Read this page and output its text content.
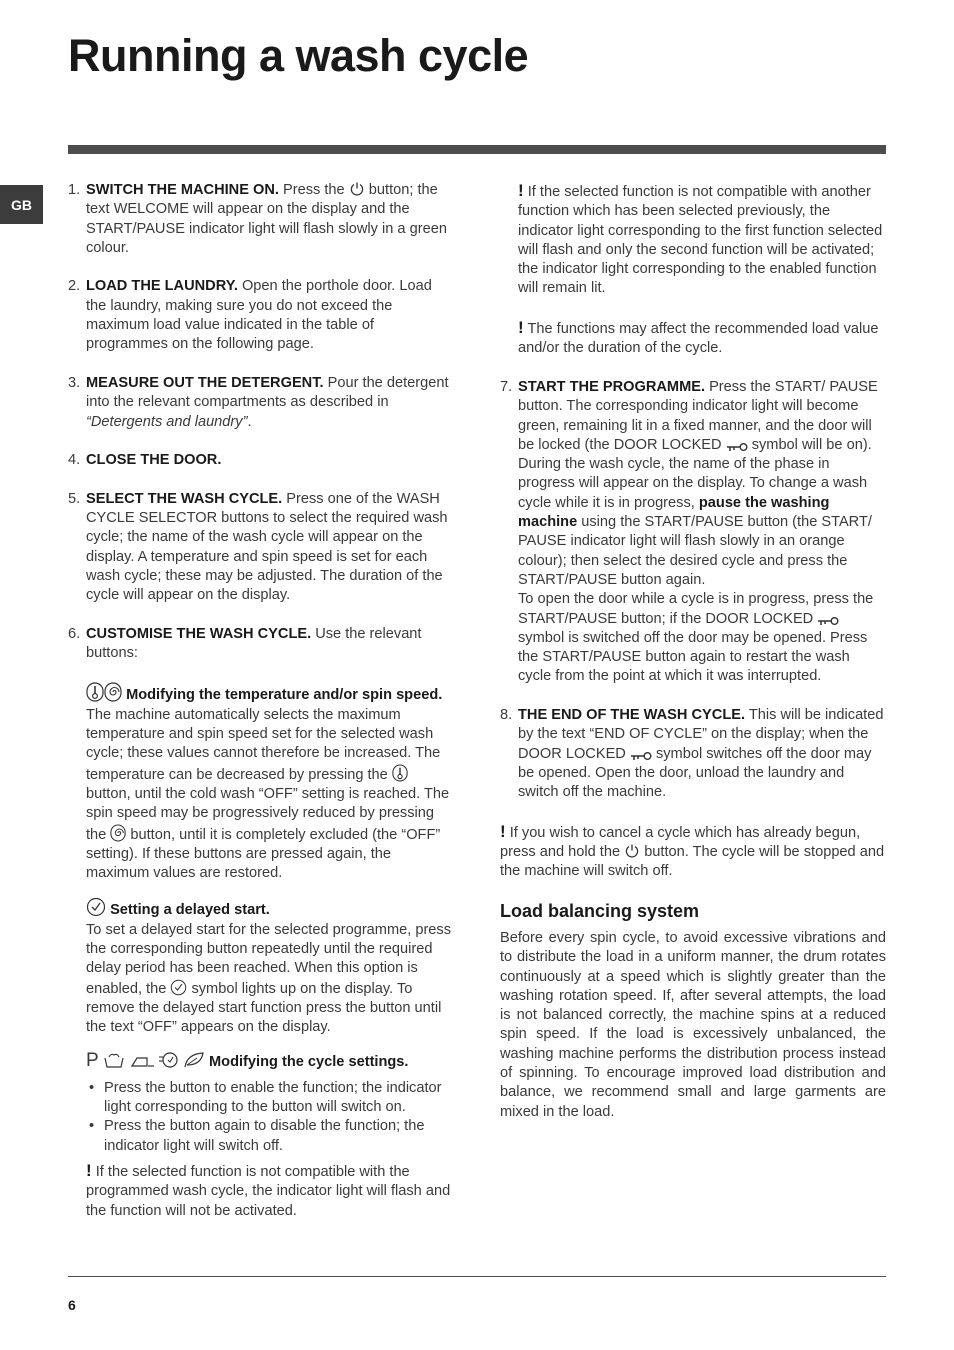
Running a wash cycle
GB
1. SWITCH THE MACHINE ON. Press the
button; the text WELCOME will appear on the display and the START/PAUSE indicator light will flash slowly in a green colour.
2. LOAD THE LAUNDRY. Open the porthole door. Load the laundry, making sure you do not exceed the maximum load value indicated in the table of programmes on the following page.
3. MEASURE OUT THE DETERGENT. Pour the detergent into the relevant compartments as described in “Detergents and laundry”.
4. CLOSE THE DOOR.
5. SELECT THE WASH CYCLE. Press one of the WASH CYCLE SELECTOR buttons to select the required wash cycle; the name of the wash cycle will appear on the display. A temperature and spin speed is set for each wash cycle; these may be adjusted. The duration of the cycle will appear on the display.
6. CUSTOMISE THE WASH CYCLE. Use the relevant buttons:
Modifying the temperature and/or spin speed. The machine automatically selects the maximum temperature and spin speed set for the selected wash cycle; these values cannot therefore be increased. The temperature can be decreased by pressing the
button, until the cold wash “OFF” setting is reached. The spin speed may be progressively reduced by pressing the
button, until it is completely excluded (the “OFF” setting). If these buttons are pressed again, the maximum values are restored.
Setting a delayed start.
To set a delayed start for the selected programme, press the corresponding button repeatedly until the required delay period has been reached. When this option is enabled, the
symbol lights up on the display. To remove the delayed start function press the button until the text “OFF” appears on the display.
P

	Modifying the cycle settings.
• Press the button to enable the function; the indicator light corresponding to the button will switch on.
• Press the button again to disable the function; the indicator light will switch off.
! If the selected function is not compatible with the programmed wash cycle, the indicator light will flash and the function will not be activated.
! If the selected function is not compatible with another function which has been selected previously, the indicator light corresponding to the first function selected will flash and only the second function will be activated; the indicator light corresponding to the enabled function will remain lit.
! The functions may affect the recommended load value and/or the duration of the cycle.
7. START THE PROGRAMME. Press the START/ PAUSE button. The corresponding indicator light will become green, remaining lit in a fixed manner, and the door will be locked (the DOOR LOCKED
symbol will be on). During the wash cycle, the name of the phase in progress will appear on the display. To change a wash cycle while it is in progress, pause the washing machine using the START/PAUSE button (the START/ PAUSE indicator light will flash slowly in an orange colour); then select the desired cycle and press the START/PAUSE button again.
To open the door while a cycle is in progress, press the START/PAUSE button; if the DOOR LOCKED
symbol is switched off the door may be opened. Press the START/PAUSE button again to restart the wash cycle from the point at which it was interrupted.
8. THE END OF THE WASH CYCLE. This will be indicated by the text “END OF CYCLE” on the display; when the DOOR LOCKED
symbol switches off the door may be opened. Open the door, unload the laundry and switch off the machine.
! If you wish to cancel a cycle which has already begun, press and hold the
button. The cycle will be stopped and the machine will switch off.
Load balancing system
Before every spin cycle, to avoid excessive vibrations and to distribute the load in a uniform manner, the drum rotates continuously at a speed which is slightly greater than the washing rotation speed. If, after several attempts, the load is not balanced correctly, the machine spins at a reduced spin speed. If the load is excessively unbalanced, the washing machine performs the distribution process instead of spinning. To encourage improved load distribution and balance, we recommend small and large garments are mixed in the load.
6
